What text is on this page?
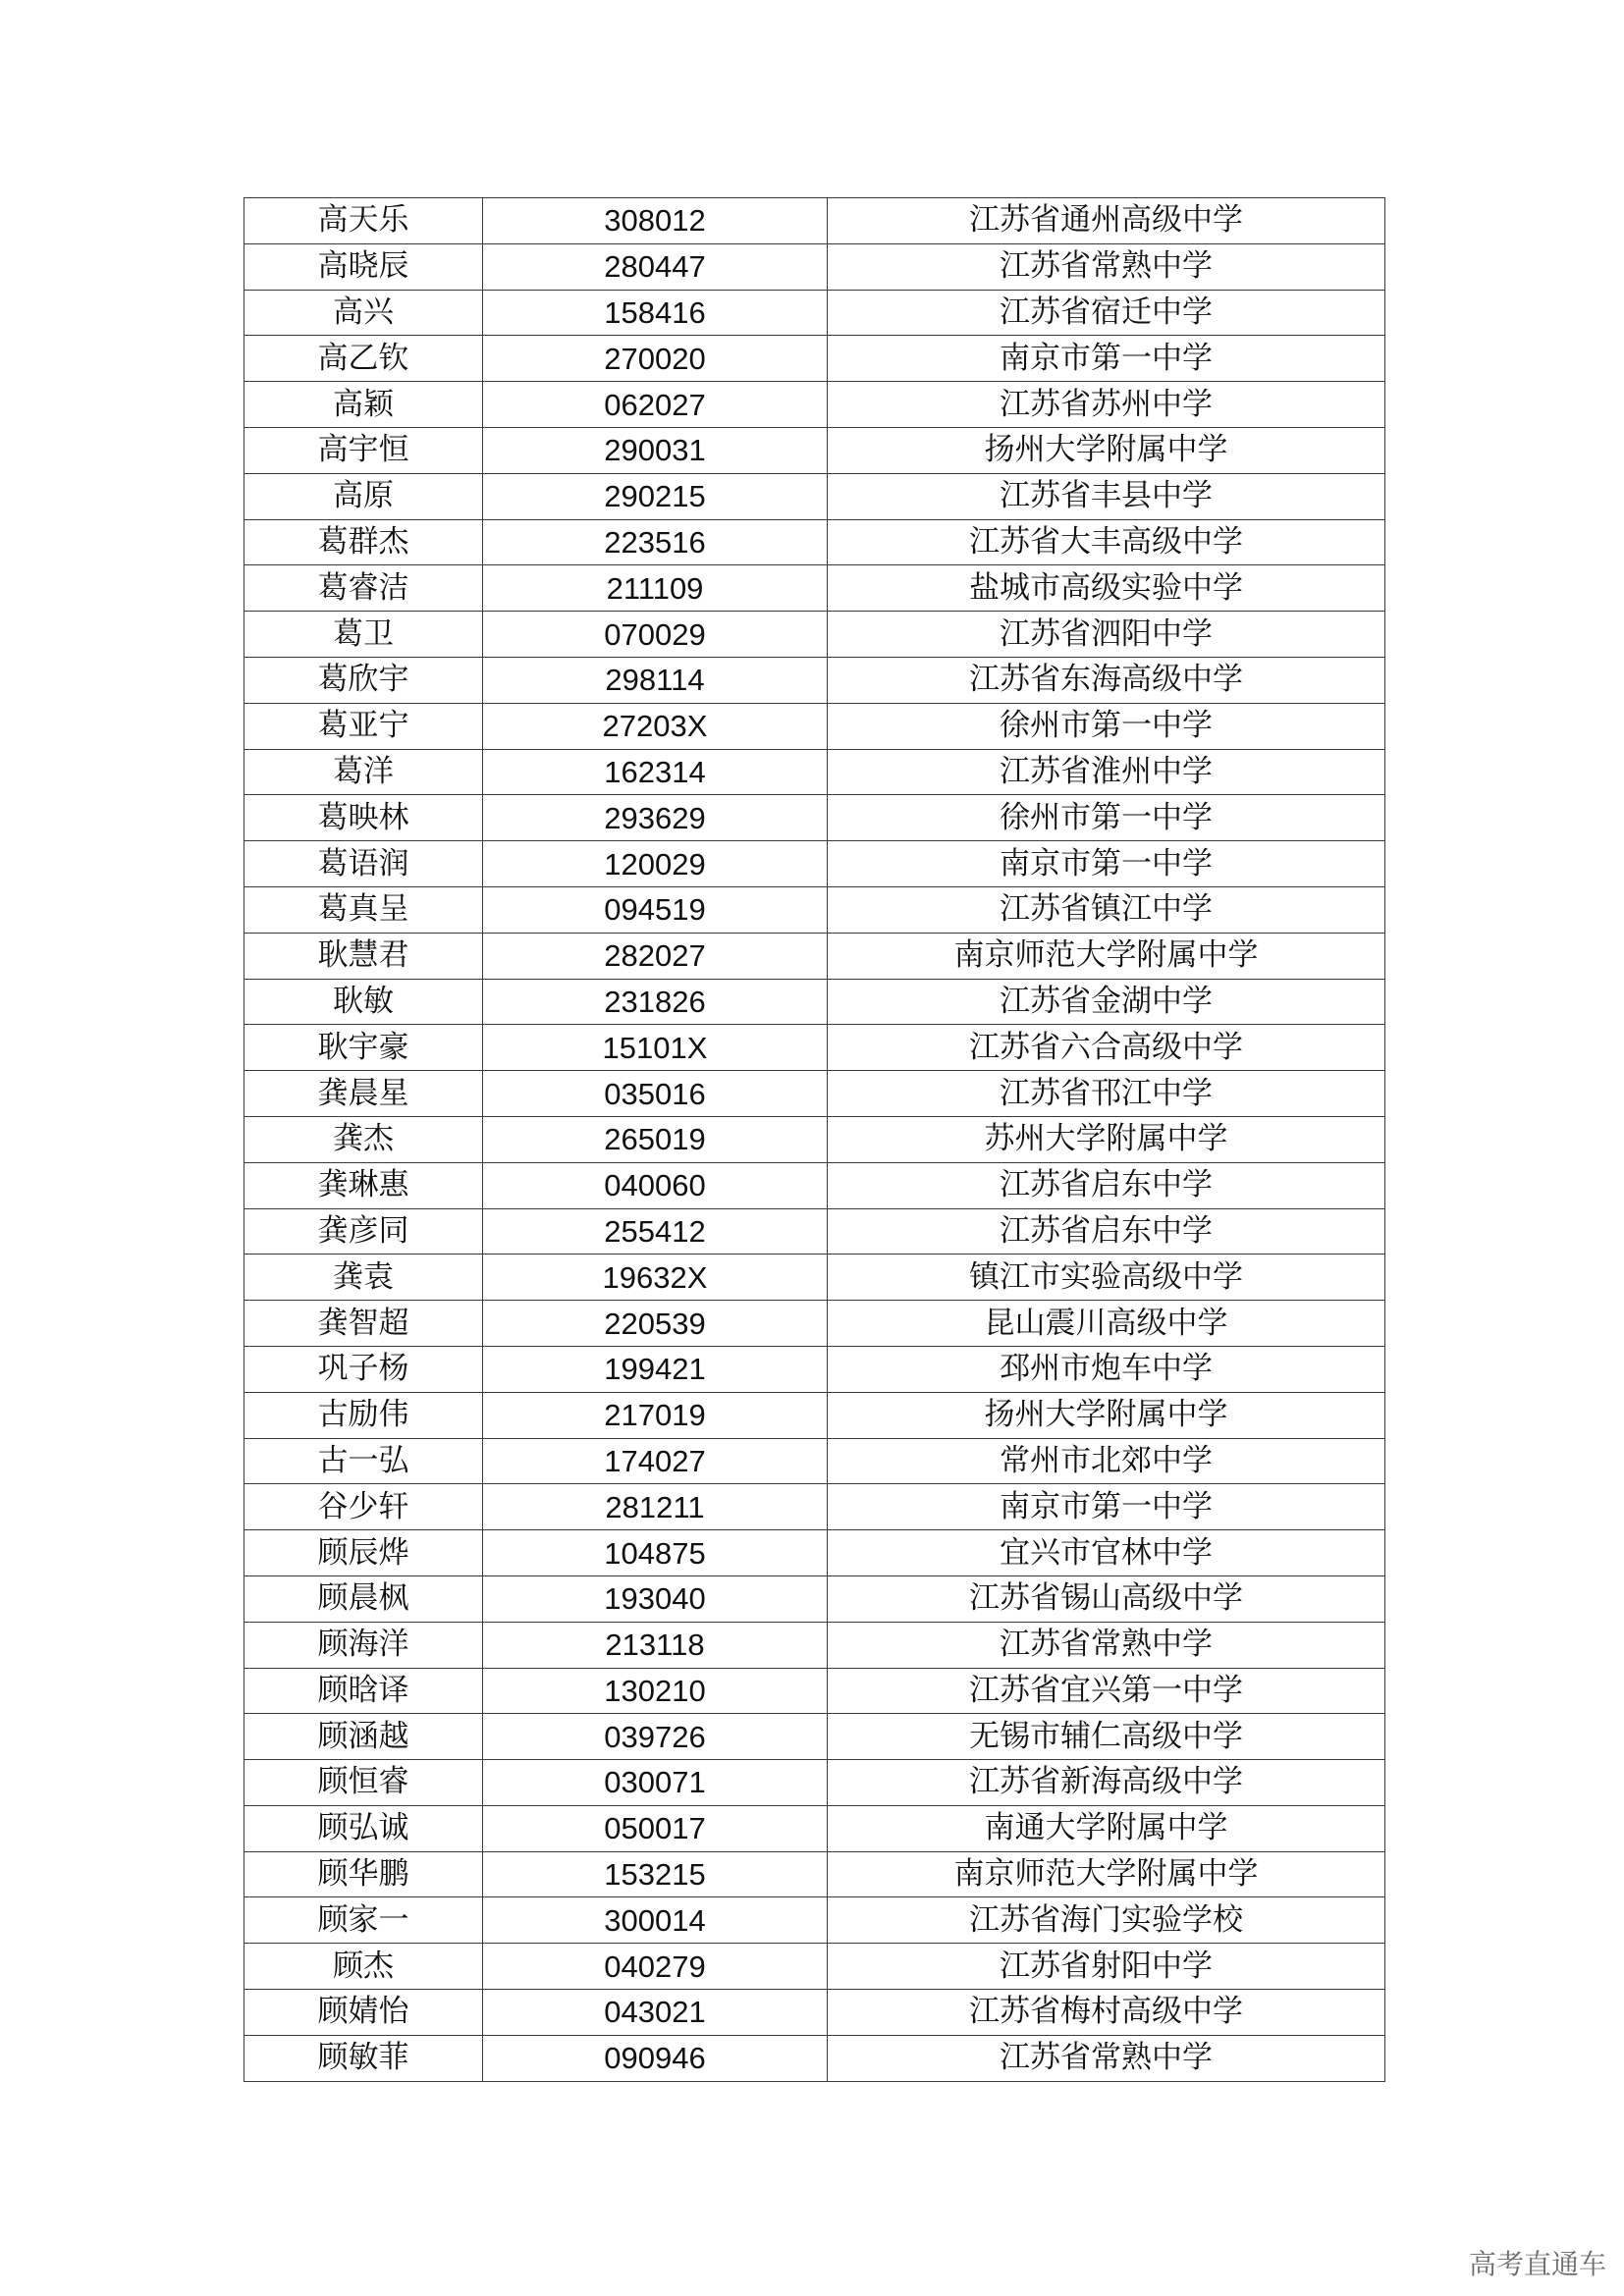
高天乐	308012	江苏省通州高级中学
高晓辰	280447	江苏省常熟中学
高兴	158416	江苏省宿迁中学
高乙钦	270020	南京市第一中学
高颖	062027	江苏省苏州中学
高宇恒	290031	扬州大学附属中学
高原	290215	江苏省丰县中学
葛群杰	223516	江苏省大丰高级中学
葛睿洁	211109	盐城市高级实验中学
葛卫	070029	江苏省泗阳中学
葛欣宇	298114	江苏省东海高级中学
葛亚宁	27203X	徐州市第一中学
葛洋	162314	江苏省淮州中学
葛映林	293629	徐州市第一中学
葛语润	120029	南京市第一中学
葛真呈	094519	江苏省镇江中学
耿慧君	282027	南京师范大学附属中学
耿敏	231826	江苏省金湖中学
耿宇豪	15101X	江苏省六合高级中学
龚晨星	035016	江苏省邗江中学
龚杰	265019	苏州大学附属中学
龚琳惠	040060	江苏省启东中学
龚彦同	255412	江苏省启东中学
龚袁	19632X	镇江市实验高级中学
龚智超	220539	昆山震川高级中学
巩子杨	199421	邳州市炮车中学
古励伟	217019	扬州大学附属中学
古一弘	174027	常州市北郊中学
谷少轩	281211	南京市第一中学
顾辰烨	104875	宜兴市官林中学
顾晨枫	193040	江苏省锡山高级中学
顾海洋	213118	江苏省常熟中学
顾晗译	130210	江苏省宜兴第一中学
顾涵越	039726	无锡市辅仁高级中学
顾恒睿	030071	江苏省新海高级中学
顾弘诚	050017	南通大学附属中学
顾华鹏	153215	南京师范大学附属中学
顾家一	300014	江苏省海门实验学校
顾杰	040279	江苏省射阳中学
顾婧怡	043021	江苏省梅村高级中学
顾敏菲	090946	江苏省常熟中学
高考直通车
